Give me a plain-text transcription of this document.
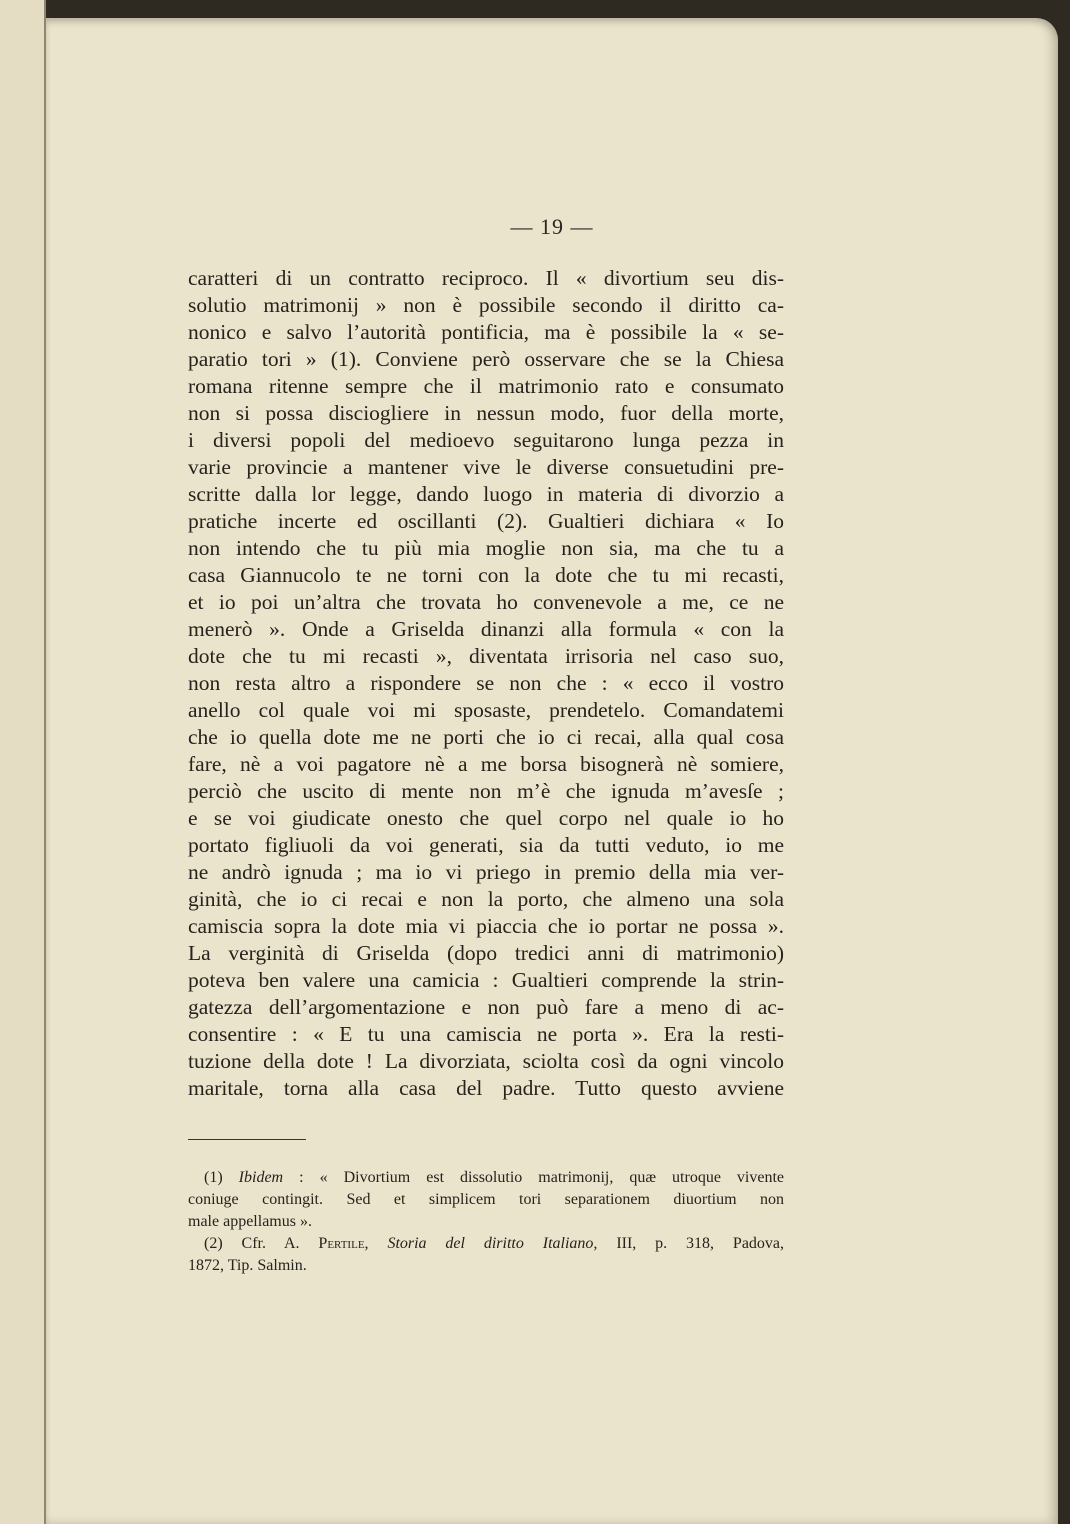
— 19 —
caratteri di un contratto reciproco. Il « divortium seu dis-
solutio matrimonij » non è possibile secondo il diritto ca-
nonico e salvo l’autorità pontificia, ma è possibile la « se-
paratio tori » (1). Conviene però osservare che se la Chiesa
romana ritenne sempre che il matrimonio rato e consumato
non si possa disciogliere in nessun modo, fuor della morte,
i diversi popoli del medioevo seguitarono lunga pezza in
varie provincie a mantener vive le diverse consuetudini pre-
scritte dalla lor legge, dando luogo in materia di divorzio a
pratiche incerte ed oscillanti (2). Gualtieri dichiara « Io
non intendo che tu più mia moglie non sia, ma che tu a
casa Giannucolo te ne torni con la dote che tu mi recasti,
et io poi un’altra che trovata ho convenevole a me, ce ne
menerò ». Onde a Griselda dinanzi alla formula « con la
dote che tu mi recasti », diventata irrisoria nel caso suo,
non resta altro a rispondere se non che : « ecco il vostro
anello col quale voi mi sposaste, prendetelo. Comandatemi
che io quella dote me ne porti che io ci recai, alla qual cosa
fare, nè a voi pagatore nè a me borsa bisognerà nè somiere,
perciò che uscito di mente non m’è che ignuda m’avesſe ;
e se voi giudicate onesto che quel corpo nel quale io ho
portato figliuoli da voi generati, sia da tutti veduto, io me
ne andrò ignuda ; ma io vi priego in premio della mia ver-
ginità, che io ci recai e non la porto, che almeno una sola
camiscia sopra la dote mia vi piaccia che io portar ne possa ».
La verginità di Griselda (dopo tredici anni di matrimonio)
poteva ben valere una camicia : Gualtieri comprende la strin-
gatezza dell’argomentazione e non può fare a meno di ac-
consentire : « E tu una camiscia ne porta ». Era la resti-
tuzione della dote ! La divorziata, sciolta così da ogni vincolo
maritale, torna alla casa del padre. Tutto questo avviene
(1) Ibidem : « Divortium est dissolutio matrimonij, quæ utroque vivente
coniuge contingit. Sed et simplicem tori separationem diuortium non
male appellamus ».
(2) Cfr. A. Pertile, Storia del diritto Italiano, III, p. 318, Padova,
1872, Tip. Salmin.
